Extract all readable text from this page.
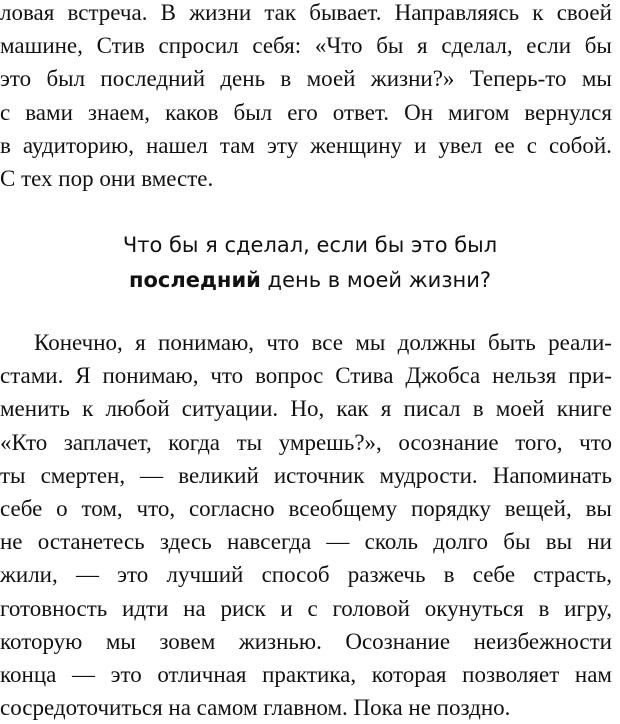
ловая встреча. В жизни так бывает. Направляясь к своей
машине, Стив спросил себя: «Что бы я сделал, если бы
это был последний день в моей жизни?» Теперь-то мы
с вами знаем, каков был его ответ. Он мигом вернулся
в аудиторию, нашел там эту женщину и увел ее с собой.
С тех пор они вместе.
Что бы я сделал, если бы это был
последний день в моей жизни?
Конечно, я понимаю, что все мы должны быть реали-
стами. Я понимаю, что вопрос Стива Джобса нельзя при-
менить к любой ситуации. Но, как я писал в моей книге
«Кто заплачет, когда ты умрешь?», осознание того, что
ты смертен, — великий источник мудрости. Напоминать
себе о том, что, согласно всеобщему порядку вещей, вы
не останетесь здесь навсегда — сколь долго бы вы ни
жили, — это лучший способ разжечь в себе страсть,
готовность идти на риск и с головой окунуться в игру,
которую мы зовем жизнью. Осознание неизбежности
конца — это отличная практика, которая позволяет нам
сосредоточиться на самом главном. Пока не поздно.
